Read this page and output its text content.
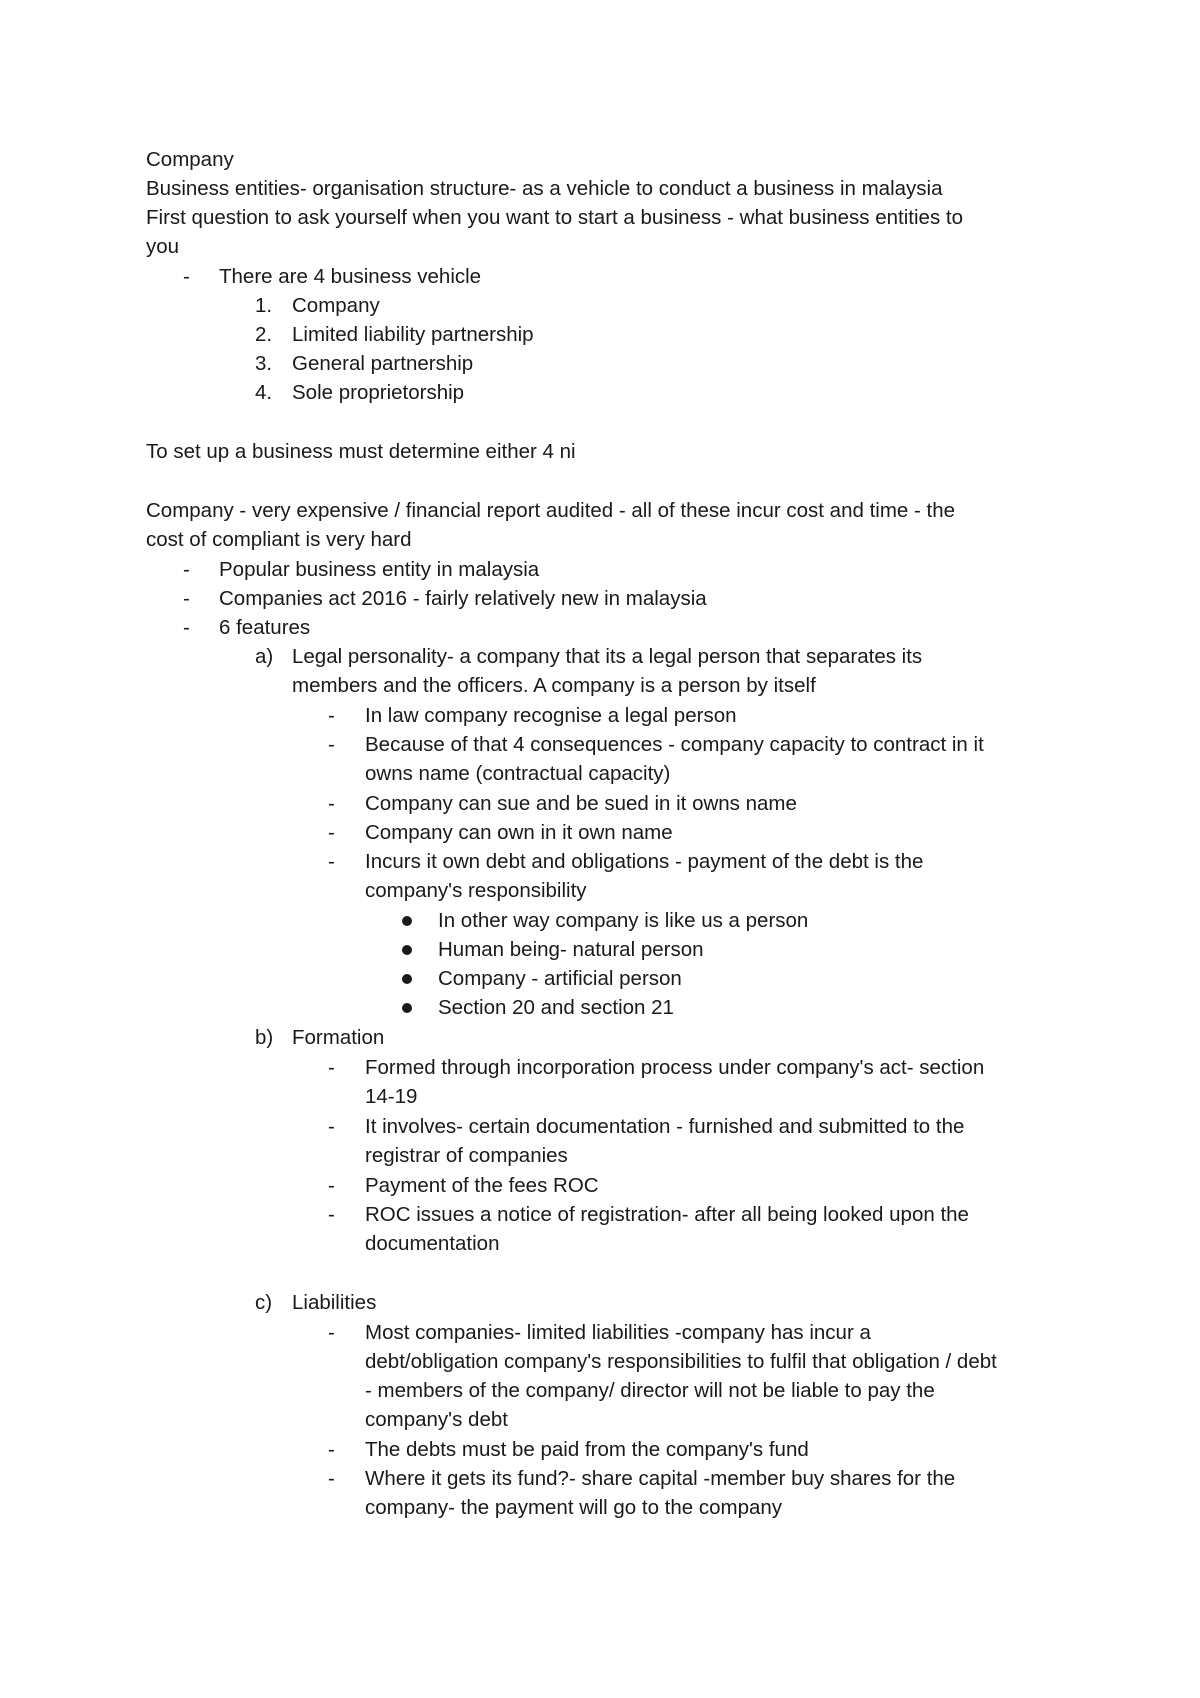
Company
Business entities- organisation structure- as a vehicle to conduct a business in malaysia
First question to ask yourself when you want to start a business - what business entities to
you
- There are 4 business vehicle
1. Company
2. Limited liability partnership
3. General partnership
4. Sole proprietorship
To set up a business must determine either 4 ni
Company - very expensive / financial report audited - all of these incur cost and time - the
cost of compliant is very hard
- Popular business entity in malaysia
- Companies act 2016 - fairly relatively new in malaysia
- 6 features
a) Legal personality- a company that its a legal person that separates its
members and the officers. A company is a person by itself
- In law company recognise a legal person
- Because of that 4 consequences - company capacity to contract in it
owns name (contractual capacity)
- Company can sue and be sued in it owns name
- Company can own in it own name
- Incurs it own debt and obligations - payment of the debt is the
company's responsibility
In other way company is like us a person
Human being- natural person
Company - artificial person
Section 20 and section 21
b) Formation
- Formed through incorporation process under company's act- section
14-19
- It involves- certain documentation - furnished and submitted to the
registrar of companies
- Payment of the fees ROC
- ROC issues a notice of registration- after all being looked upon the
documentation
c) Liabilities
- Most companies- limited liabilities -company has incur a
debt/obligation company's responsibilities to fulfil that obligation / debt
- members of the company/ director will not be liable to pay the
company's debt
- The debts must be paid from the company's fund
- Where it gets its fund?- share capital -member buy shares for the
company- the payment will go to the company
